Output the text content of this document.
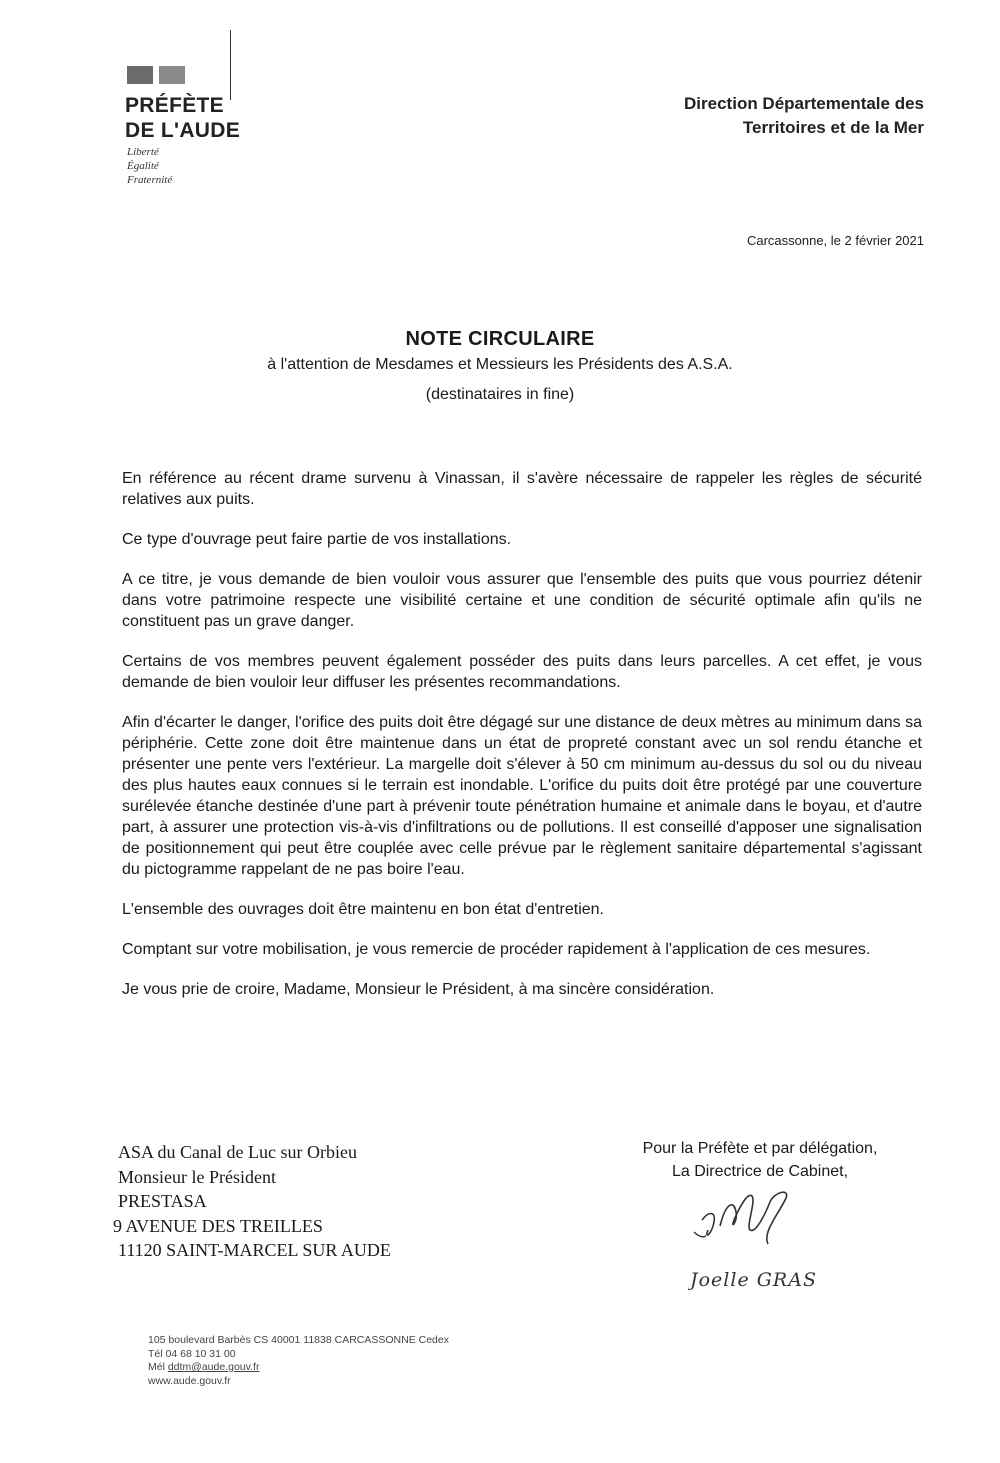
PRÉFÈTE
DE L'AUDE
Liberté
Égalité
Fraternité
Direction Départementale des
Territoires et de la Mer
Carcassonne, le 2 février 2021
NOTE CIRCULAIRE
à l'attention de Mesdames et Messieurs les Présidents des A.S.A.
(destinataires in fine)

En référence au récent drame survenu à Vinassan, il s'avère nécessaire de rappeler les règles de sécurité relatives aux puits.

Ce type d'ouvrage peut faire partie de vos installations.

A ce titre, je vous demande de bien vouloir vous assurer que l'ensemble des puits que vous pourriez détenir dans votre patrimoine respecte une visibilité certaine et une condition de sécurité optimale afin qu'ils ne constituent pas un grave danger.

Certains de vos membres peuvent également posséder des puits dans leurs parcelles. A cet effet, je vous demande de bien vouloir leur diffuser les présentes recommandations.

Afin d'écarter le danger, l'orifice des puits doit être dégagé sur une distance de deux mètres au minimum dans sa périphérie. Cette zone doit être maintenue dans un état de propreté constant avec un sol rendu étanche et présenter une pente vers l'extérieur. La margelle doit s'élever à 50 cm minimum au-dessus du sol ou du niveau des plus hautes eaux connues si le terrain est inondable. L'orifice du puits doit être protégé par une couverture surélevée étanche destinée d'une part à prévenir toute pénétration humaine et animale dans le boyau, et d'autre part, à assurer une protection vis-à-vis d'infiltrations ou de pollutions. Il est conseillé d'apposer une signalisation de positionnement qui peut être couplée avec celle prévue par le règlement sanitaire départemental s'agissant du pictogramme rappelant de ne pas boire l'eau.

L'ensemble des ouvrages doit être maintenu en bon état d'entretien.

Comptant sur votre mobilisation, je vous remercie de procéder rapidement à l'application de ces mesures.

Je vous prie de croire, Madame, Monsieur le Président, à ma sincère considération.

ASA du Canal de Luc sur Orbieu
Monsieur le Président
PRESTASA
9 AVENUE DES TREILLES
11120 SAINT-MARCEL SUR AUDE
Pour la Préfète et par délégation,
La Directrice de Cabinet,
Joelle GRAS
105 boulevard Barbès CS 40001 11838 CARCASSONNE Cedex
Tél 04 68 10 31 00
Mél ddtm@aude.gouv.fr
www.aude.gouv.fr
